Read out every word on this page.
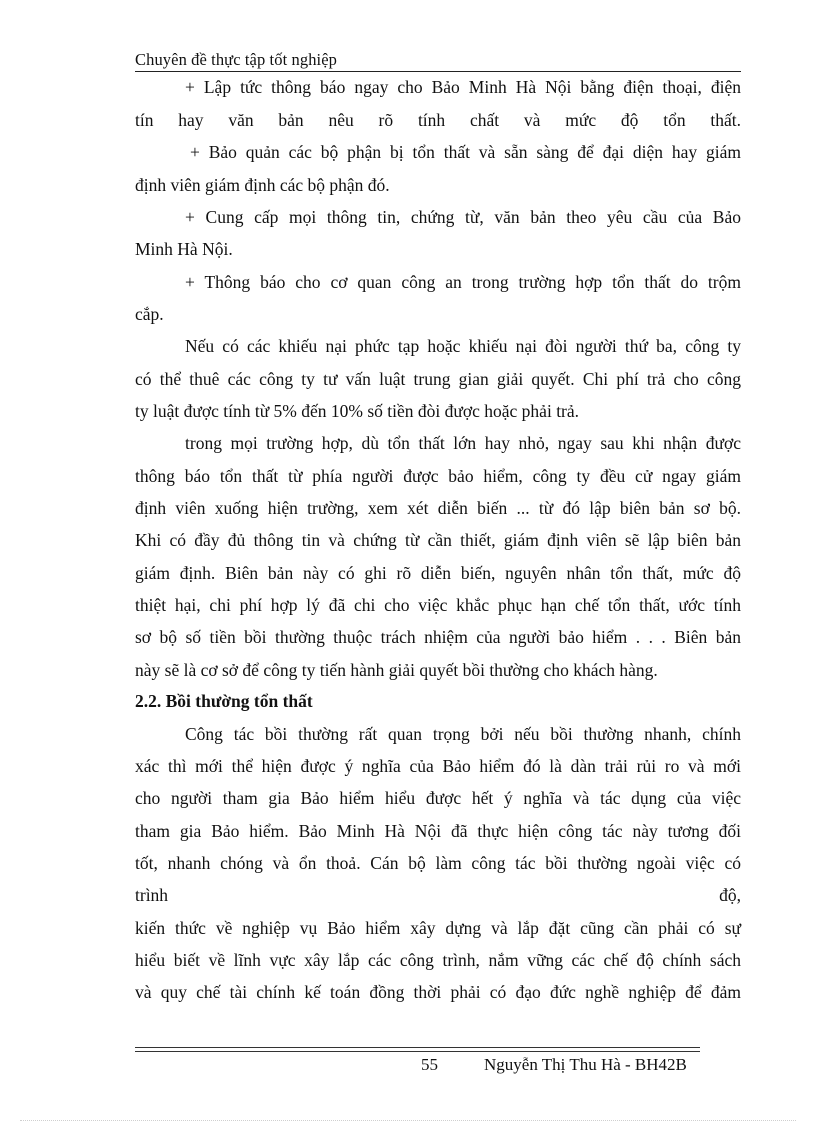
Chuyên đề thực tập tốt nghiệp
+ Lập tức thông báo ngay cho Bảo Minh Hà Nội bằng điện thoại, điện
tín hay văn bản nêu rõ tính chất và mức độ tổn thất.
+ Bảo quản các bộ phận bị tổn thất và sẵn sàng để đại diện hay giám
định viên giám định các bộ phận đó.
+ Cung cấp mọi thông tin, chứng từ, văn bản theo yêu cầu của Bảo
Minh Hà Nội.
+ Thông báo cho cơ quan công an trong trường hợp tổn thất do trộm
cắp.
Nếu có các khiếu nại phức tạp hoặc khiếu nại đòi người thứ ba, công ty
có thể thuê các công ty tư vấn luật trung gian giải quyết. Chi phí trả cho công
ty luật được tính từ 5% đến 10% số tiền đòi được hoặc phải trả.
trong mọi trường hợp, dù tổn thất lớn hay nhỏ, ngay sau khi nhận được
thông báo tổn thất từ phía người được bảo hiểm, công ty đều cử ngay giám
định viên xuống hiện trường, xem xét diễn biến ... từ đó lập biên bản sơ bộ.
Khi có đầy đủ thông tin và chứng từ cần thiết, giám định viên sẽ lập biên bản
giám định. Biên bản này có ghi rõ diễn biến, nguyên nhân tổn thất, mức độ
thiệt hại, chi phí hợp lý đã chi cho việc khắc phục hạn chế tổn thất, ước tính
sơ bộ số tiền bồi thường thuộc trách nhiệm của người bảo hiểm . . . Biên bản
này sẽ là cơ sở để công ty tiến hành giải quyết bồi thường cho khách hàng.
2.2. Bồi thường tổn thất
Công tác bồi thường rất quan trọng bởi nếu bồi thường nhanh, chính
xác thì mới thể hiện được ý nghĩa của Bảo hiểm đó là dàn trải rủi ro và mới
cho người tham gia Bảo hiểm hiểu được hết ý nghĩa và tác dụng của việc
tham gia Bảo hiểm. Bảo Minh Hà Nội đã thực hiện công tác này tương đối
tốt, nhanh chóng và ổn thoả. Cán bộ làm công tác bồi thường ngoài việc có
trình độ,
kiến thức về nghiệp vụ Bảo hiểm xây dựng và lắp đặt cũng cần phải có sự
hiểu biết về lĩnh vực xây lắp các công trình, nắm vững các chế độ chính sách
và quy chế tài chính kế toán đồng thời phải có đạo đức nghề nghiệp để đảm
55	Nguyễn Thị Thu Hà - BH42B
